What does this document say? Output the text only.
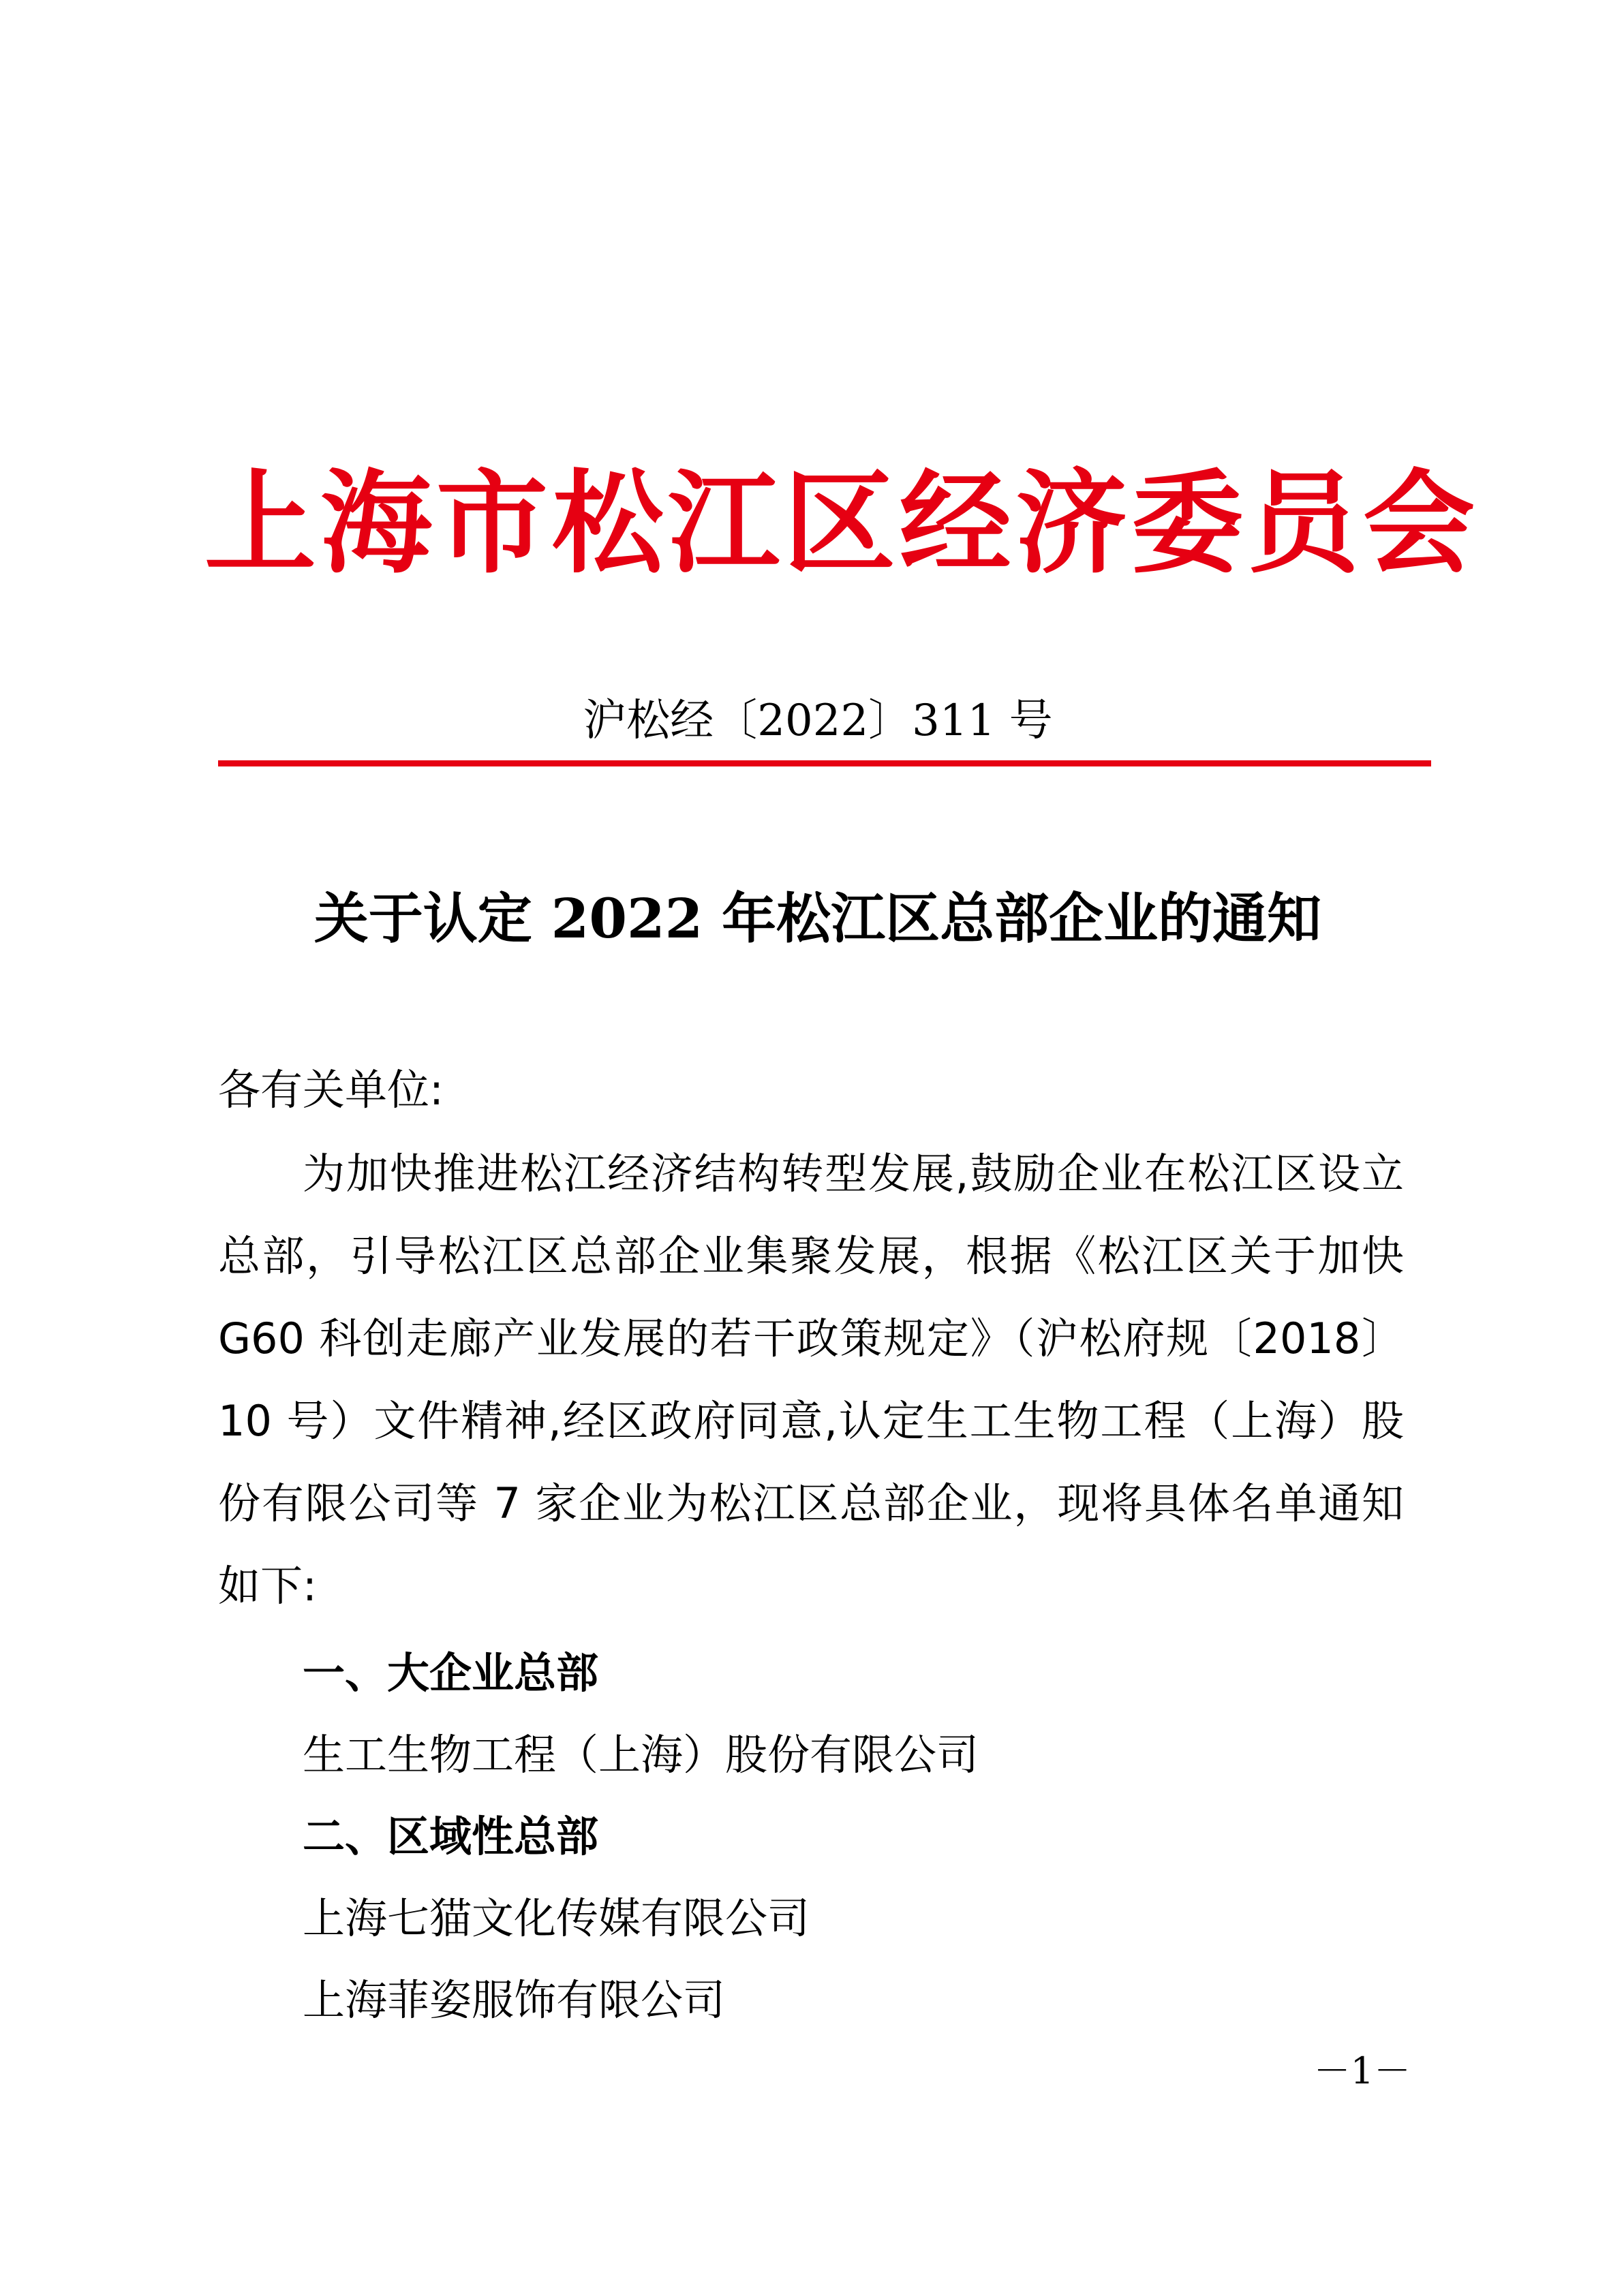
上海市松江区经济委员会
沪松经〔2022〕311 号
关于认定 2022 年松江区总部企业的通知
各有关单位:
为加快推进松江经济结构转型发展,鼓励企业在松江区设立总部，引导松江区总部企业集聚发展，根据《松江区关于加快 G60 科创走廊产业发展的若干政策规定》（沪松府规〔2018〕10 号）文件精神,经区政府同意,认定生工生物工程（上海）股份有限公司等 7 家企业为松江区总部企业，现将具体名单通知如下:
一、大企业总部
生工生物工程（上海）股份有限公司
二、区域性总部
上海七猫文化传媒有限公司
上海菲姿服饰有限公司
－1－
